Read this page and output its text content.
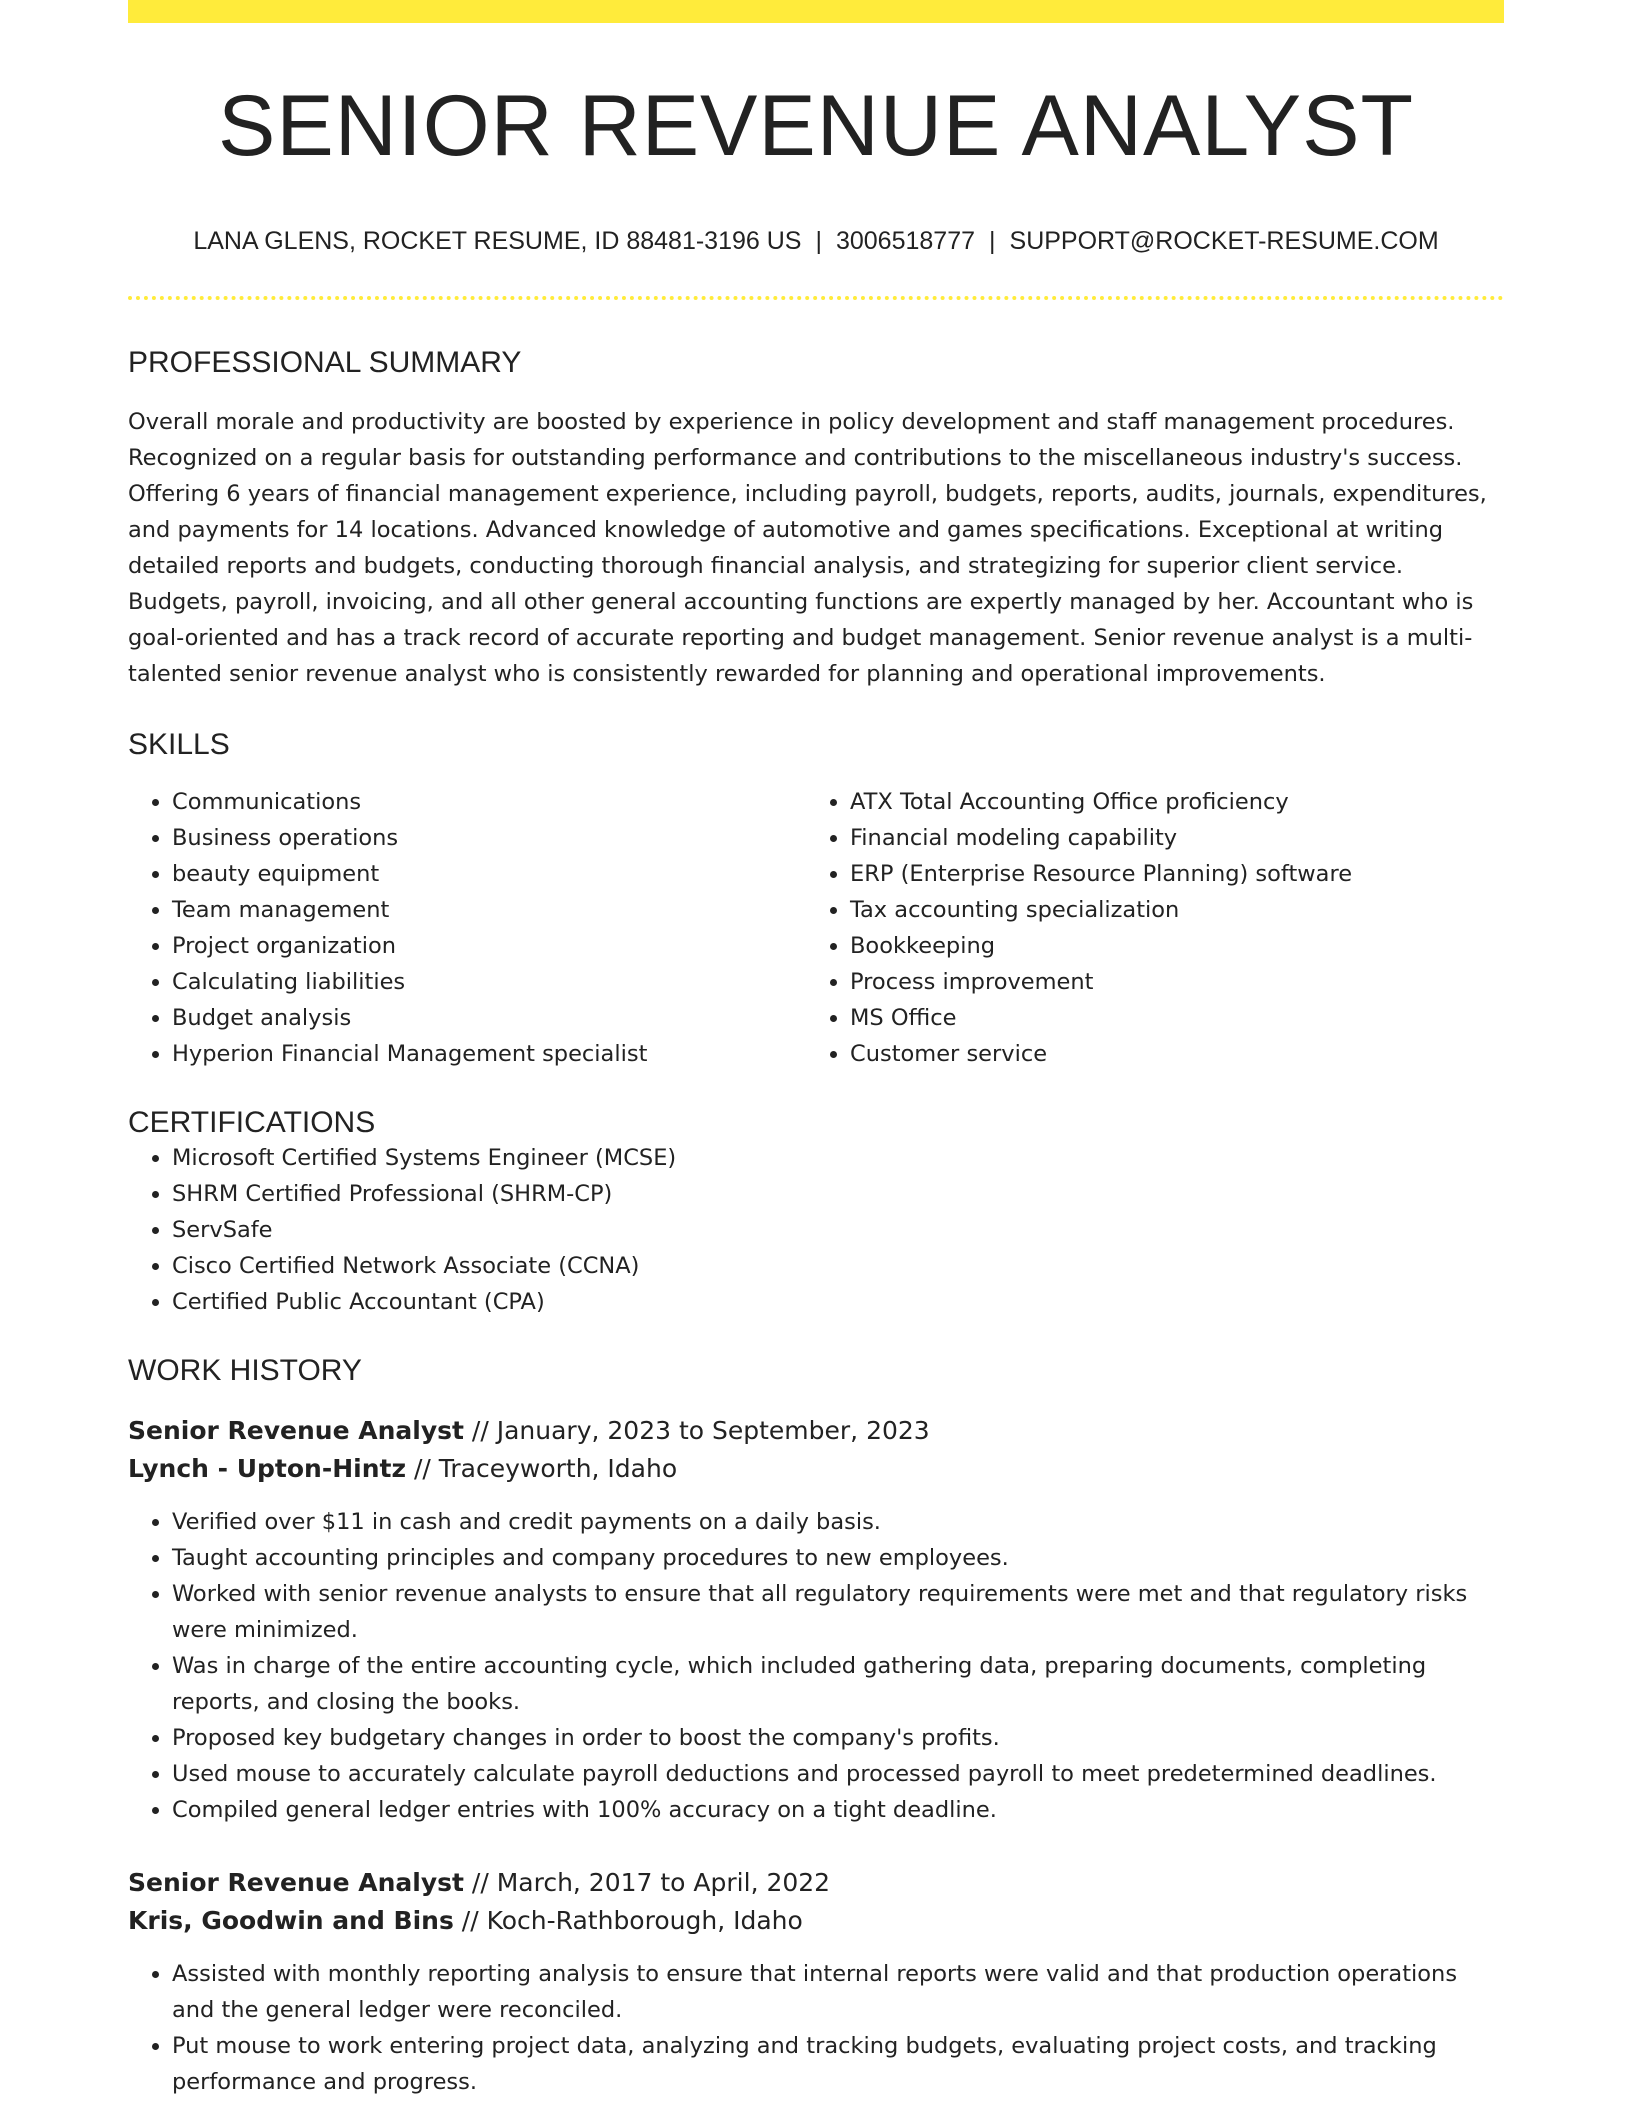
SENIOR REVENUE ANALYST
LANA GLENS, ROCKET RESUME, ID 88481-3196 US | 3006518777 | SUPPORT@ROCKET-RESUME.COM
PROFESSIONAL SUMMARY
Overall morale and productivity are boosted by experience in policy development and staff management procedures. Recognized on a regular basis for outstanding performance and contributions to the miscellaneous industry's success. Offering 6 years of financial management experience, including payroll, budgets, reports, audits, journals, expenditures, and payments for 14 locations. Advanced knowledge of automotive and games specifications. Exceptional at writing detailed reports and budgets, conducting thorough financial analysis, and strategizing for superior client service. Budgets, payroll, invoicing, and all other general accounting functions are expertly managed by her. Accountant who is goal-oriented and has a track record of accurate reporting and budget management. Senior revenue analyst is a multi-talented senior revenue analyst who is consistently rewarded for planning and operational improvements.
SKILLS
• Communications
• Business operations
• beauty equipment
• Team management
• Project organization
• Calculating liabilities
• Budget analysis
• Hyperion Financial Management specialist
• ATX Total Accounting Office proficiency
• Financial modeling capability
• ERP (Enterprise Resource Planning) software
• Tax accounting specialization
• Bookkeeping
• Process improvement
• MS Office
• Customer service
CERTIFICATIONS
• Microsoft Certified Systems Engineer (MCSE)
• SHRM Certified Professional (SHRM-CP)
• ServSafe
• Cisco Certified Network Associate (CCNA)
• Certified Public Accountant (CPA)
WORK HISTORY
Senior Revenue Analyst // January, 2023 to September, 2023
Lynch - Upton-Hintz // Traceyworth, Idaho
• Verified over $11 in cash and credit payments on a daily basis.
• Taught accounting principles and company procedures to new employees.
• Worked with senior revenue analysts to ensure that all regulatory requirements were met and that regulatory risks were minimized.
• Was in charge of the entire accounting cycle, which included gathering data, preparing documents, completing reports, and closing the books.
• Proposed key budgetary changes in order to boost the company's profits.
• Used mouse to accurately calculate payroll deductions and processed payroll to meet predetermined deadlines.
• Compiled general ledger entries with 100% accuracy on a tight deadline.
Senior Revenue Analyst // March, 2017 to April, 2022
Kris, Goodwin and Bins // Koch-Rathborough, Idaho
• Assisted with monthly reporting analysis to ensure that internal reports were valid and that production operations and the general ledger were reconciled.
• Put mouse to work entering project data, analyzing and tracking budgets, evaluating project costs, and tracking performance and progress.
